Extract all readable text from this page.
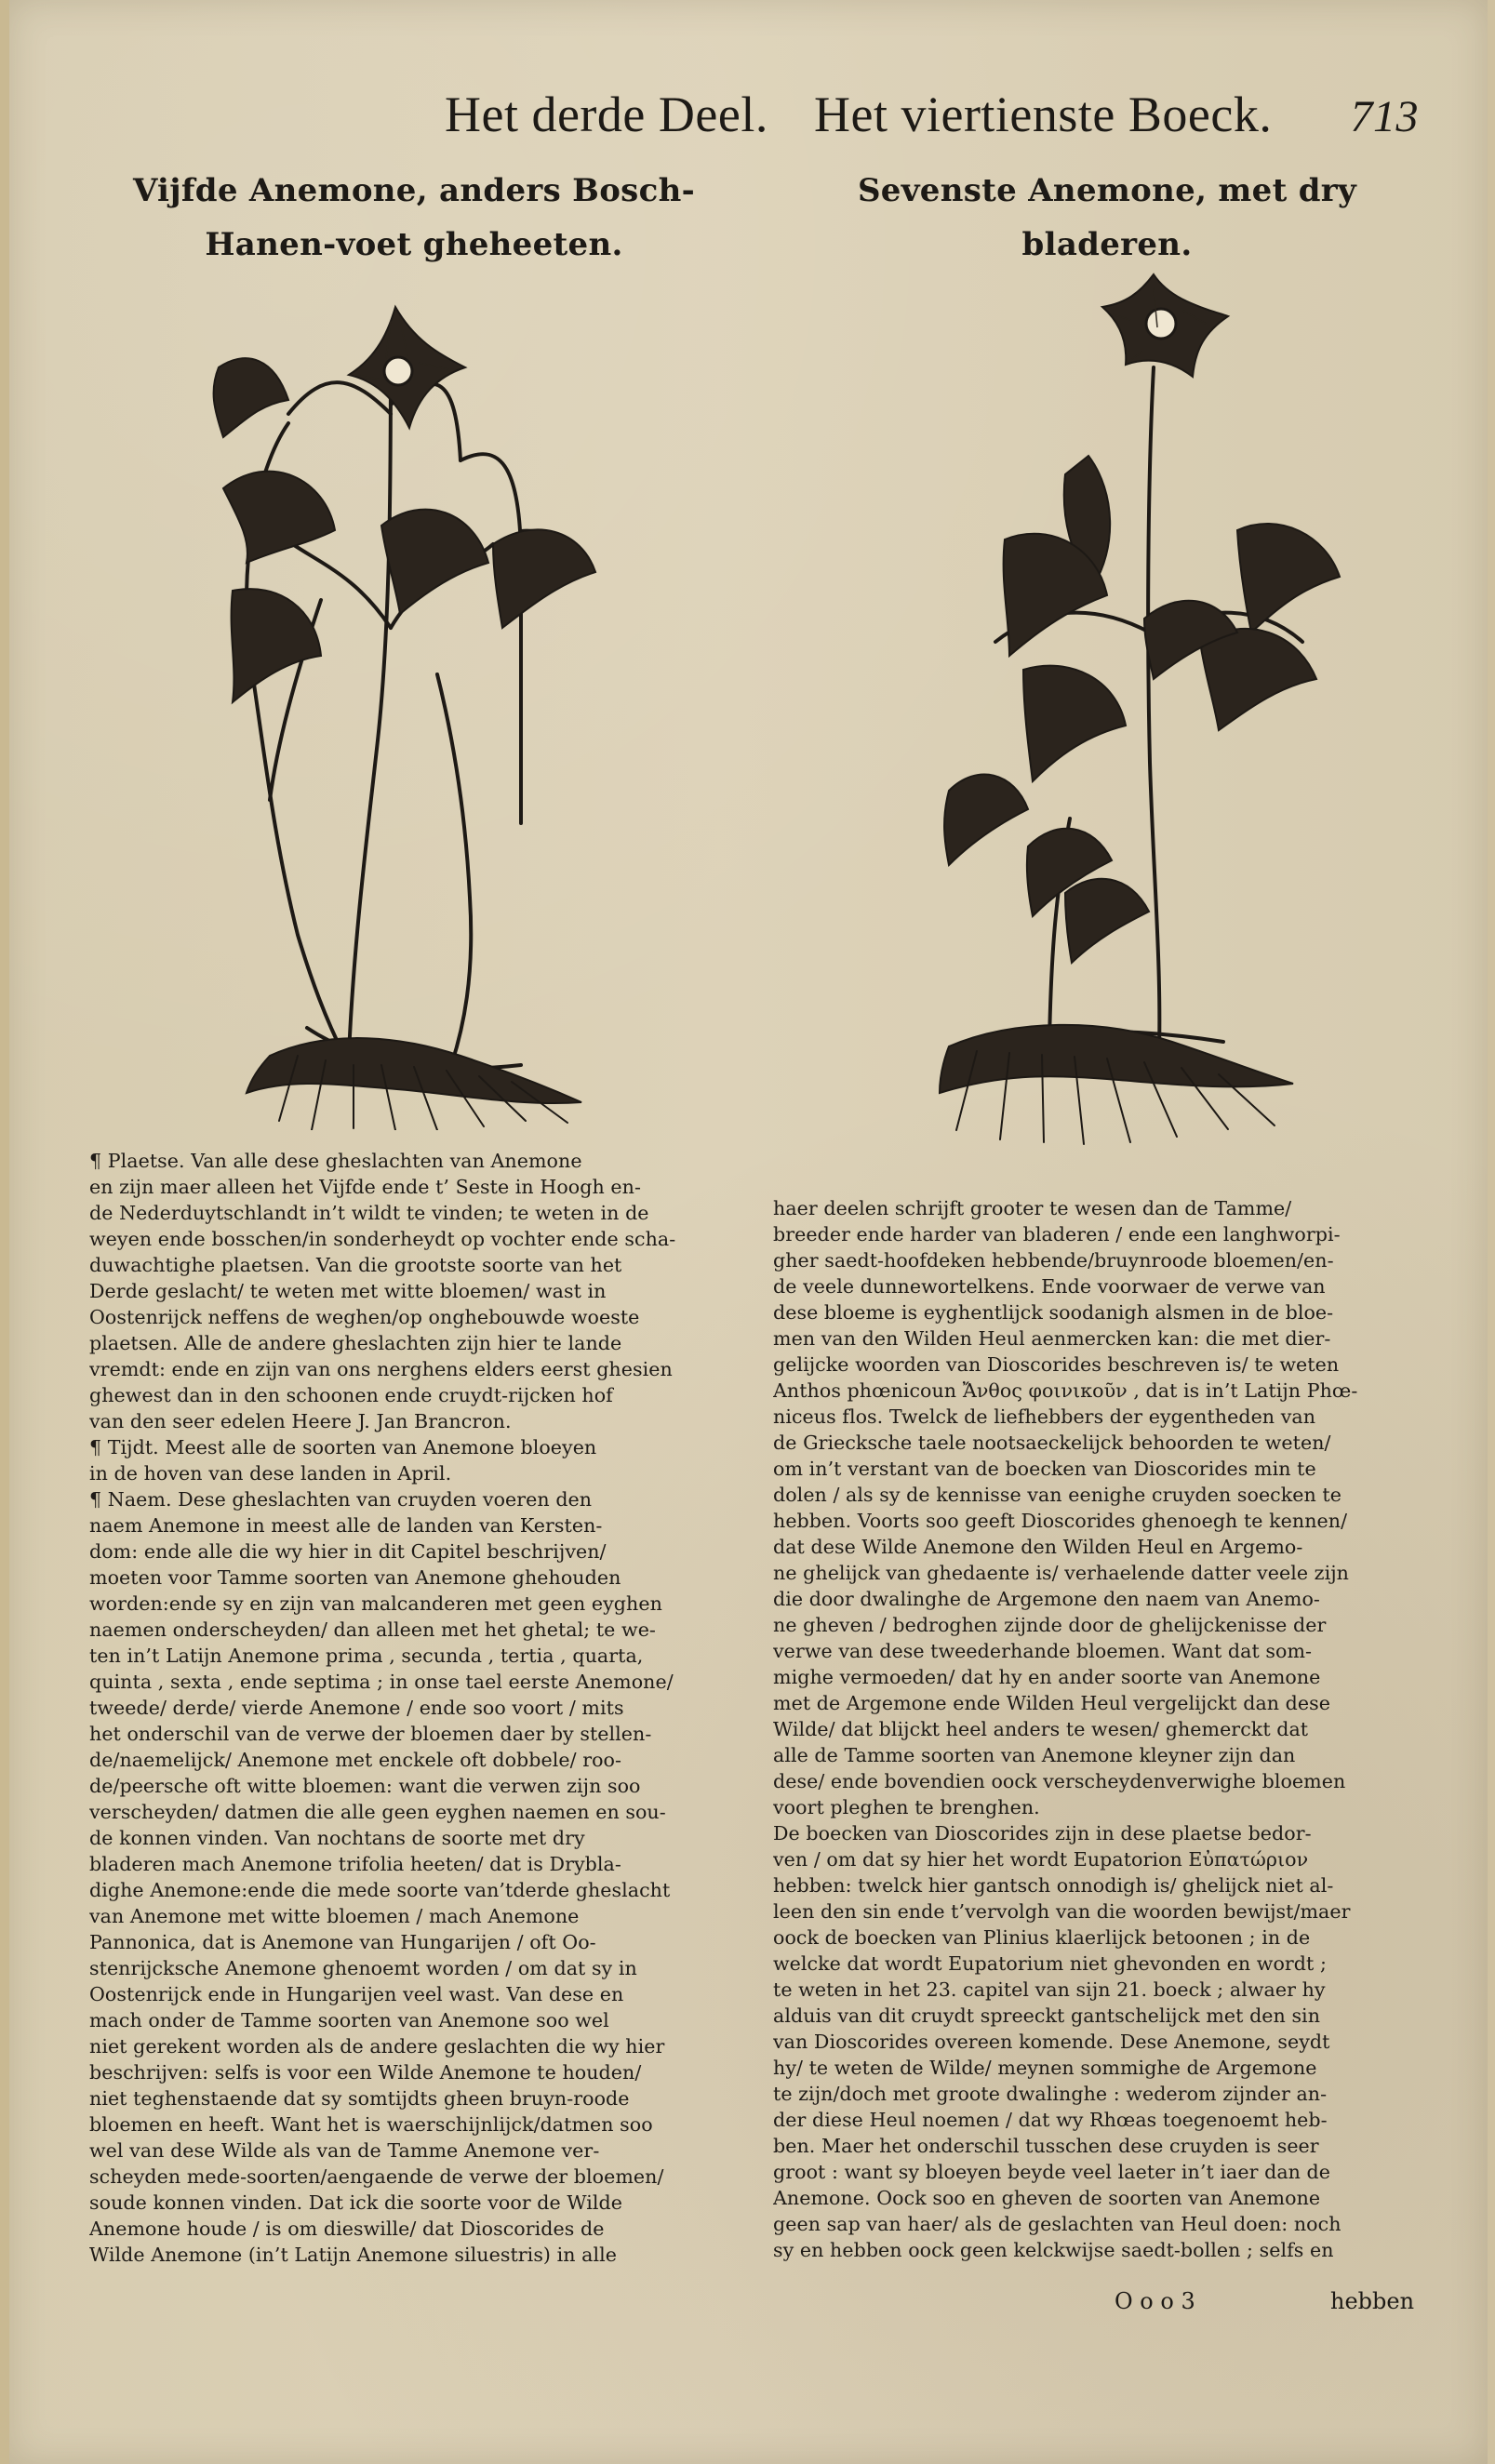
Het derde Deel. Het viertienste Boeck. 713
Vijfde Anemone, anders Bosch-
Hanen-voet gheheeten.
Sevenste Anemone, met dry bladeren.
¶ Plaetse. Van alle dese gheslachten van Anemone
en zijn maer alleen het Vijfde ende t’ Seste in Hoogh en-
de Nederduytschlandt in’t wildt te vinden; te weten in de
weyen ende bosschen/in sonderheydt op vochter ende scha-
duwachtighe plaetsen. Van die grootste soorte van het
Derde geslacht/ te weten met witte bloemen/ wast in
Oostenrijck neffens de weghen/op onghebouwde woeste
plaetsen. Alle de andere gheslachten zijn hier te lande
vremdt: ende en zijn van ons nerghens elders eerst ghesien
ghewest dan in den schoonen ende cruydt-rijcken hof
van den seer edelen Heere J. Jan Brancron.
¶ Tijdt. Meest alle de soorten van Anemone bloeyen
in de hoven van dese landen in April.
¶ Naem. Dese gheslachten van cruyden voeren den
naem Anemone in meest alle de landen van Kersten-
dom: ende alle die wy hier in dit Capitel beschrijven/
moeten voor Tamme soorten van Anemone ghehouden
worden:ende sy en zijn van malcanderen met geen eyghen
naemen onderscheyden/ dan alleen met het ghetal; te we-
ten in’t Latijn Anemone prima , secunda , tertia , quarta,
quinta , sexta , ende septima ; in onse tael eerste Anemone/
tweede/ derde/ vierde Anemone / ende soo voort / mits
het onderschil van de verwe der bloemen daer by stellen-
de/naemelijck/ Anemone met enckele oft dobbele/ roo-
de/peersche oft witte bloemen: want die verwen zijn soo
verscheyden/ datmen die alle geen eyghen naemen en sou-
de konnen vinden. Van nochtans de soorte met dry
bladeren mach Anemone trifolia heeten/ dat is Drybla-
dighe Anemone:ende die mede soorte van’tderde gheslacht
van Anemone met witte bloemen / mach Anemone
Pannonica, dat is Anemone van Hungarijen / oft Oo-
stenrijcksche Anemone ghenoemt worden / om dat sy in
Oostenrijck ende in Hungarijen veel wast. Van dese en
mach onder de Tamme soorten van Anemone soo wel
niet gerekent worden als de andere geslachten die wy hier
beschrijven: selfs is voor een Wilde Anemone te houden/
niet teghenstaende dat sy somtijdts gheen bruyn-roode
bloemen en heeft. Want het is waerschijnlijck/datmen soo
wel van dese Wilde als van de Tamme Anemone ver-
scheyden mede-soorten/aengaende de verwe der bloemen/
soude konnen vinden. Dat ick die soorte voor de Wilde
Anemone houde / is om dieswille/ dat Dioscorides de
Wilde Anemone (in’t Latijn Anemone siluestris) in alle
haer deelen schrijft grooter te wesen dan de Tamme/
breeder ende harder van bladeren / ende een langhworpi-
gher saedt-hoofdeken hebbende/bruynroode bloemen/en-
de veele dunnewortelkens. Ende voorwaer de verwe van
dese bloeme is eyghentlijck soodanigh alsmen in de bloe-
men van den Wilden Heul aenmercken kan: die met dier-
gelijcke woorden van Dioscorides beschreven is/ te weten
Anthos phœnicoun Ἄνθος φοινικοῦν , dat is in’t Latijn Phœ-
niceus flos. Twelck de liefhebbers der eygentheden van
de Griecksche taele nootsaeckelijck behoorden te weten/
om in’t verstant van de boecken van Dioscorides min te
dolen / als sy de kennisse van eenighe cruyden soecken te
hebben. Voorts soo geeft Dioscorides ghenoegh te kennen/
dat dese Wilde Anemone den Wilden Heul en Argemo-
ne ghelijck van ghedaente is/ verhaelende datter veele zijn
die door dwalinghe de Argemone den naem van Anemo-
ne gheven / bedroghen zijnde door de ghelijckenisse der
verwe van dese tweederhande bloemen. Want dat som-
mighe vermoeden/ dat hy en ander soorte van Anemone
met de Argemone ende Wilden Heul vergelijckt dan dese
Wilde/ dat blijckt heel anders te wesen/ ghemerckt dat
alle de Tamme soorten van Anemone kleyner zijn dan
dese/ ende bovendien oock verscheydenverwighe bloemen
voort pleghen te brenghen.
De boecken van Dioscorides zijn in dese plaetse bedor-
ven / om dat sy hier het wordt Eupatorion Εὐπατώριον
hebben: twelck hier gantsch onnodigh is/ ghelijck niet al-
leen den sin ende t’vervolgh van die woorden bewijst/maer
oock de boecken van Plinius klaerlijck betoonen ; in de
welcke dat wordt Eupatorium niet ghevonden en wordt ;
te weten in het 23. capitel van sijn 21. boeck ; alwaer hy
alduis van dit cruydt spreeckt gantschelijck met den sin
van Dioscorides overeen komende. Dese Anemone, seydt
hy/ te weten de Wilde/ meynen sommighe de Argemone
te zijn/doch met groote dwalinghe : wederom zijnder an-
der diese Heul noemen / dat wy Rhœas toegenoemt heb-
ben. Maer het onderschil tusschen dese cruyden is seer
groot : want sy bloeyen beyde veel laeter in’t iaer dan de
Anemone. Oock soo en gheven de soorten van Anemone
geen sap van haer/ als de geslachten van Heul doen: noch
sy en hebben oock geen kelckwijse saedt-bollen ; selfs en
O o o 3	hebben
